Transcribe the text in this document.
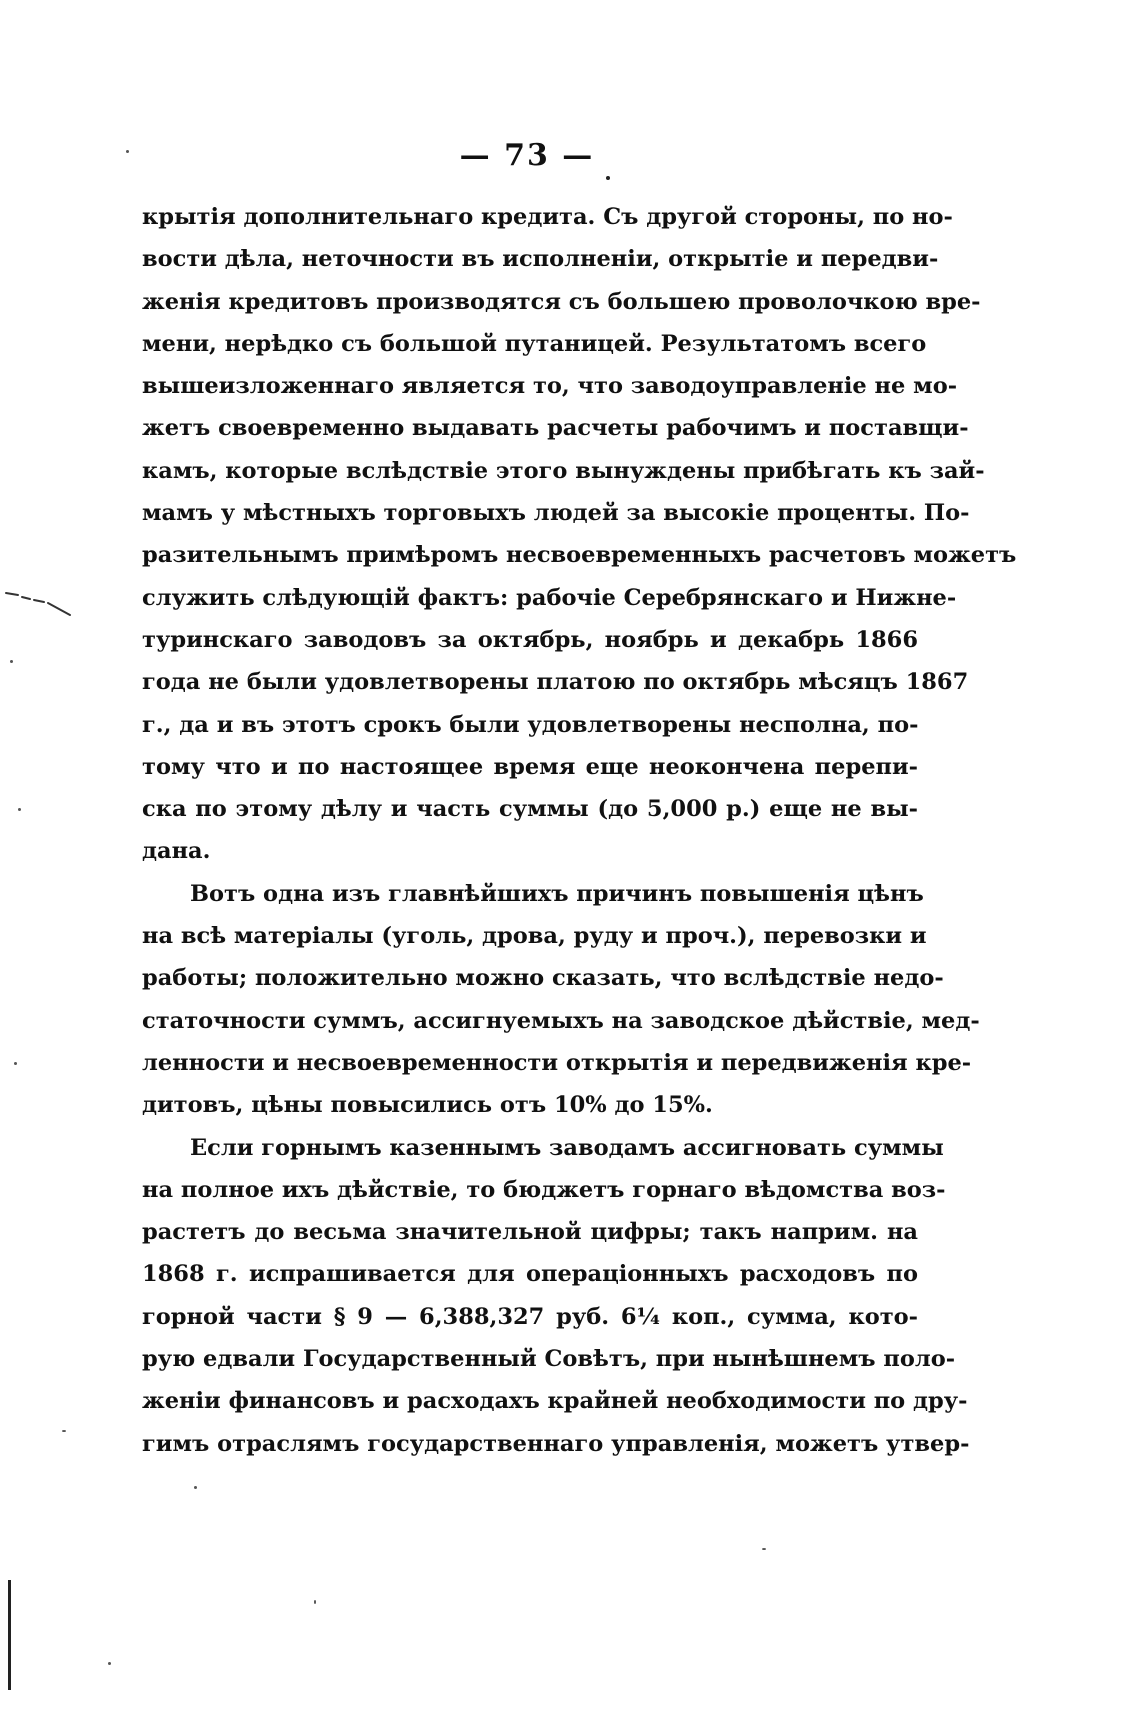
— 73 —
крытія дополнительнаго кредита. Съ другой стороны, по но-
вости дѣла, неточности въ исполненіи, открытіе и передви-
женія кредитовъ производятся съ большею проволочкою вре-
мени, нерѣдко съ большой путаницей. Результатомъ всего
вышеизложеннаго является то, что заводоуправленіе не мо-
жетъ своевременно выдавать расчеты рабочимъ и поставщи-
камъ, которые вслѣдствіе этого вынуждены прибѣгать къ зай-
мамъ у мѣстныхъ торговыхъ людей за высокіе проценты. По-
разительнымъ примѣромъ несвоевременныхъ расчетовъ можетъ
служить слѣдующій фактъ: рабочіе Серебрянскаго и Нижне-
туринскаго заводовъ за октябрь, ноябрь и декабрь 1866
года не были удовлетворены платою по октябрь мѣсяцъ 1867
г., да и въ этотъ срокъ были удовлетворены несполна, по-
тому что и по настоящее время еще неокончена перепи-
ска по этому дѣлу и часть суммы (до 5,000 р.) еще не вы-
дана.
Вотъ одна изъ главнѣйшихъ причинъ повышенія цѣнъ
на всѣ матеріалы (уголь, дрова, руду и проч.), перевозки и
работы; положительно можно сказать, что вслѣдствіе недо-
статочности суммъ, ассигнуемыхъ на заводское дѣйствіе, мед-
ленности и несвоевременности открытія и передвиженія кре-
дитовъ, цѣны повысились отъ 10% до 15%.
Если горнымъ казеннымъ заводамъ ассигновать суммы
на полное ихъ дѣйствіе, то бюджетъ горнаго вѣдомства воз-
растетъ до весьма значительной цифры; такъ наприм. на
1868 г. испрашивается для операціонныхъ расходовъ по
горной части § 9 — 6,388,327 руб. 6¼ коп., сумма, кото-
рую едвали Государственный Совѣтъ, при нынѣшнемъ поло-
женіи финансовъ и расходахъ крайней необходимости по дру-
гимъ отраслямъ государственнаго управленія, можетъ утвер-
